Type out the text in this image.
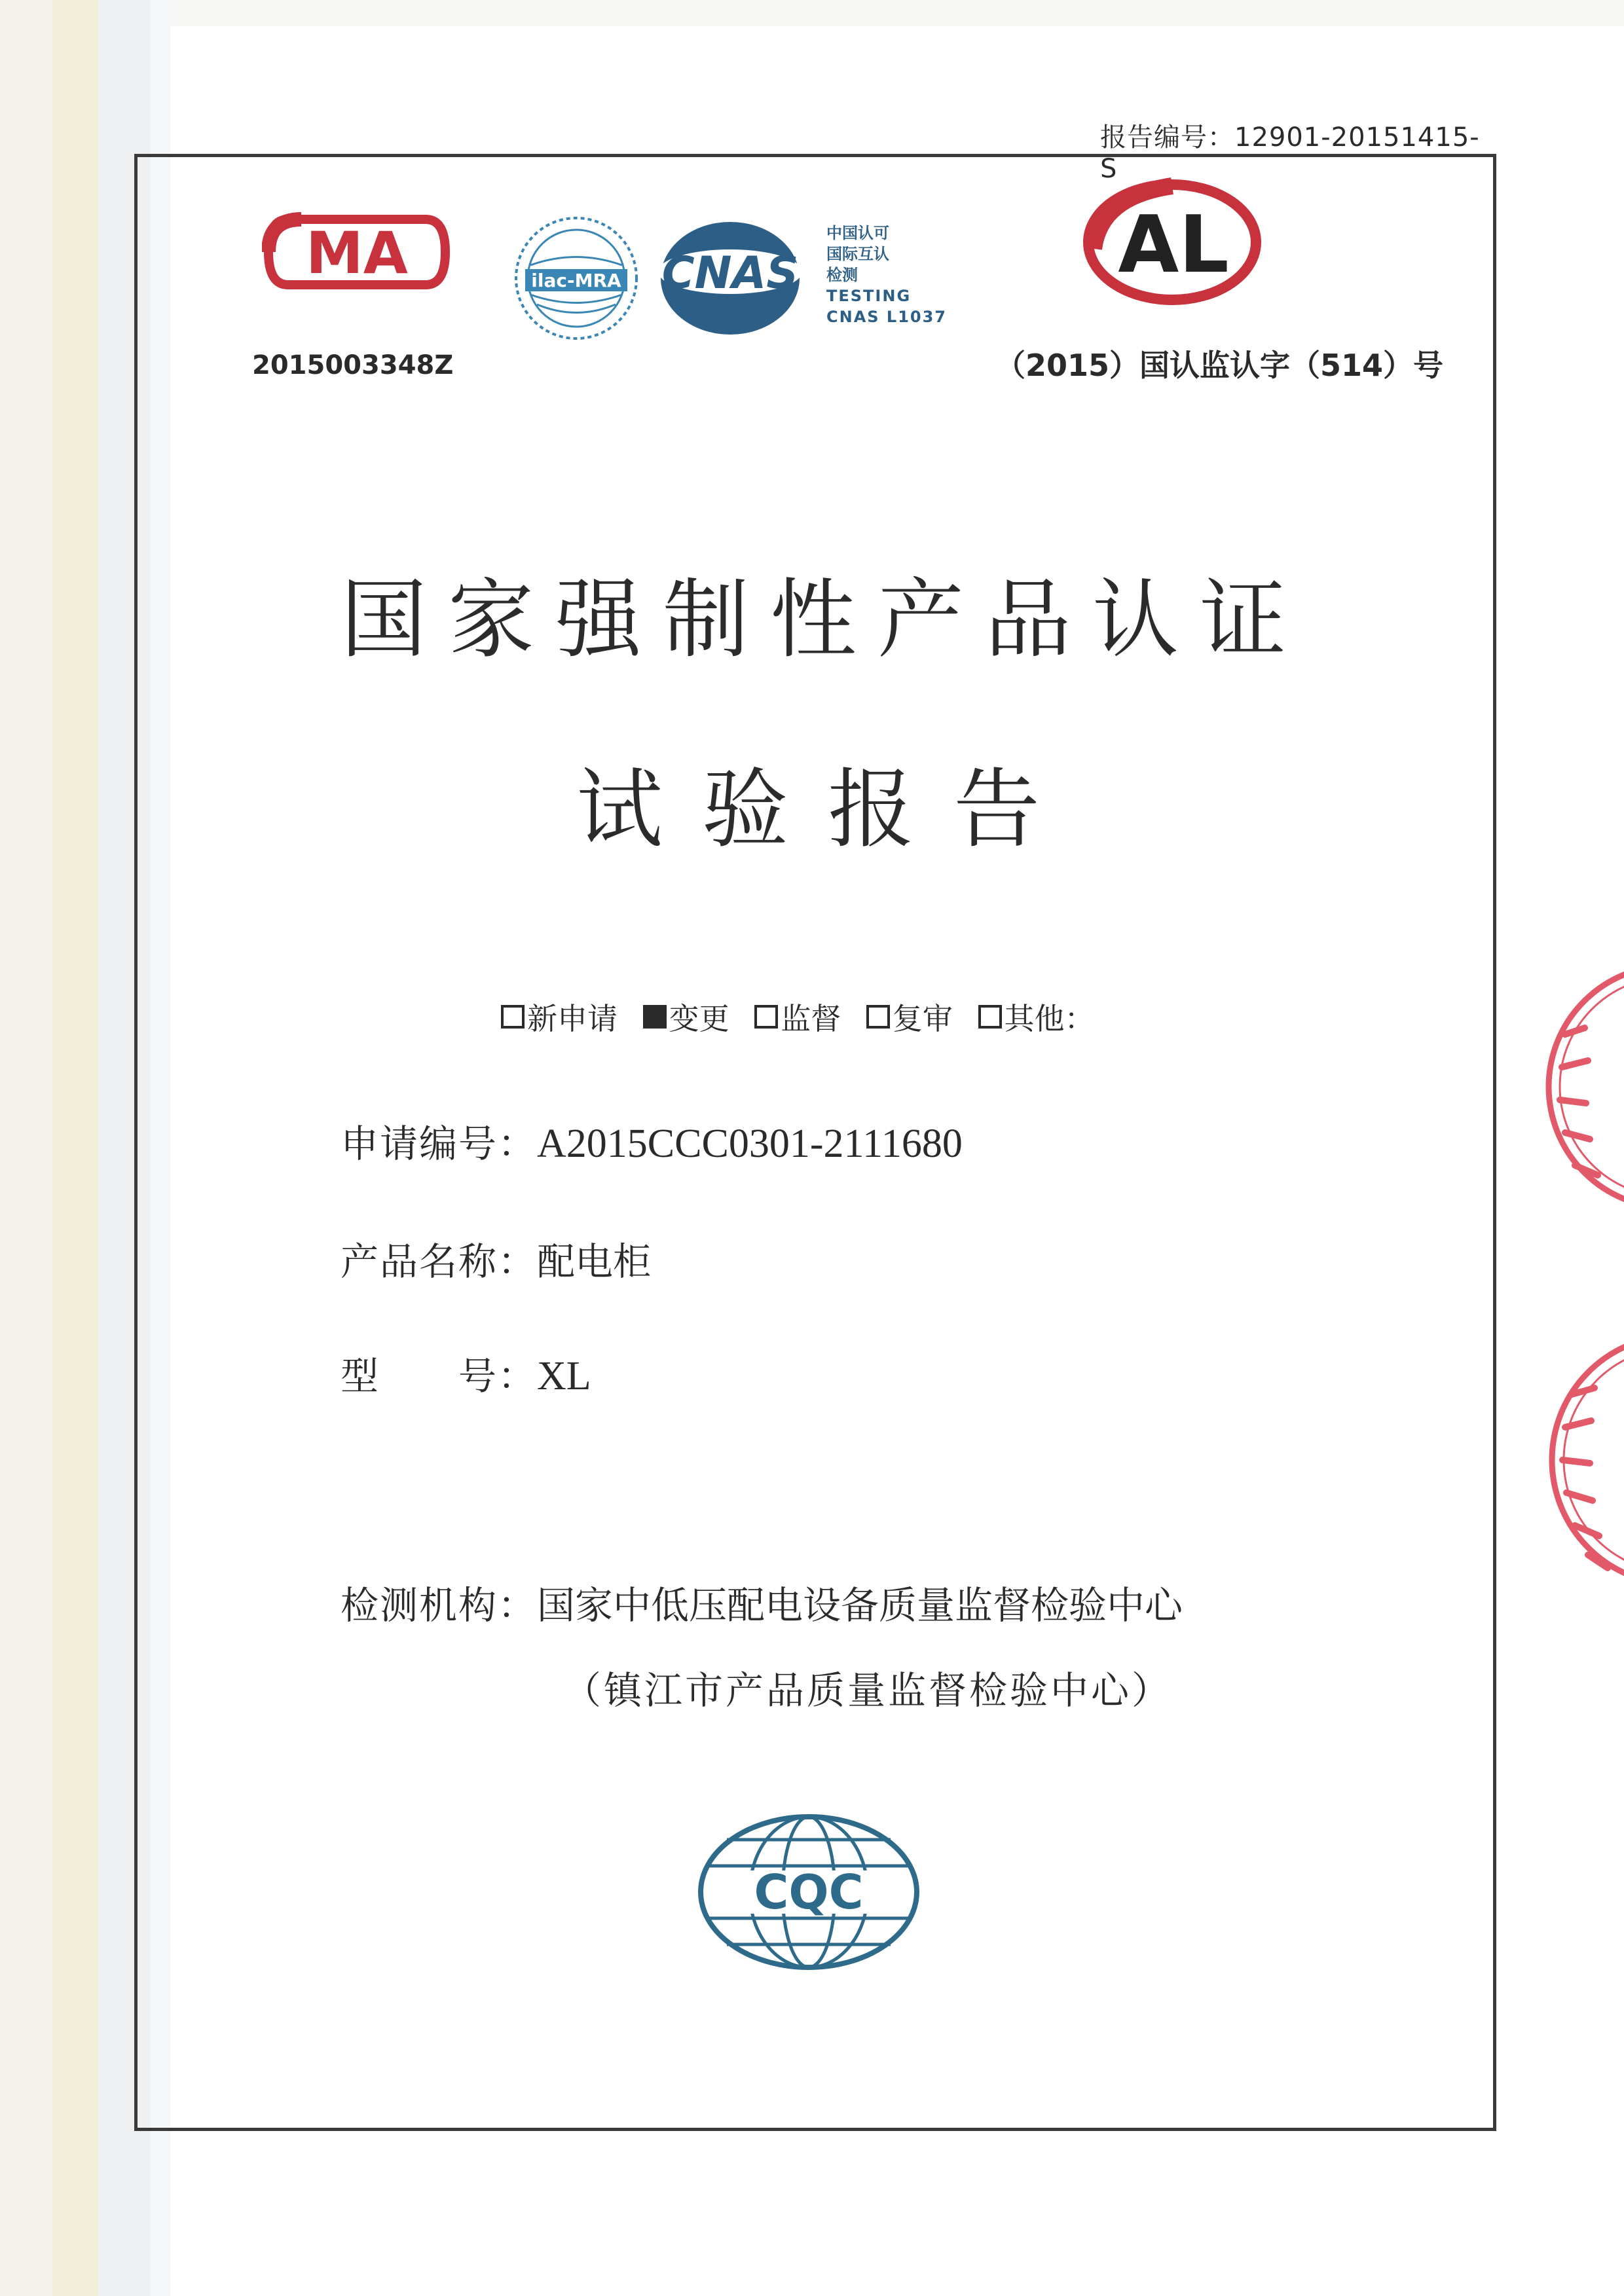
报告编号：12901-20151415-S
MA
2015003348Z
ilac-MRA CNAS
中国认可
国际互认
检测
TESTING
CNAS L1037
AL
（2015）国认监认字（514）号
国家强制性产品认证
试验报告
新申请
变更
监督
复审
其他：
申请编号：A2015CCC0301-2111680
产品名称：配电柜
型　　号：XL
检测机构：国家中低压配电设备质量监督检验中心
（镇江市产品质量监督检验中心）
CQC
